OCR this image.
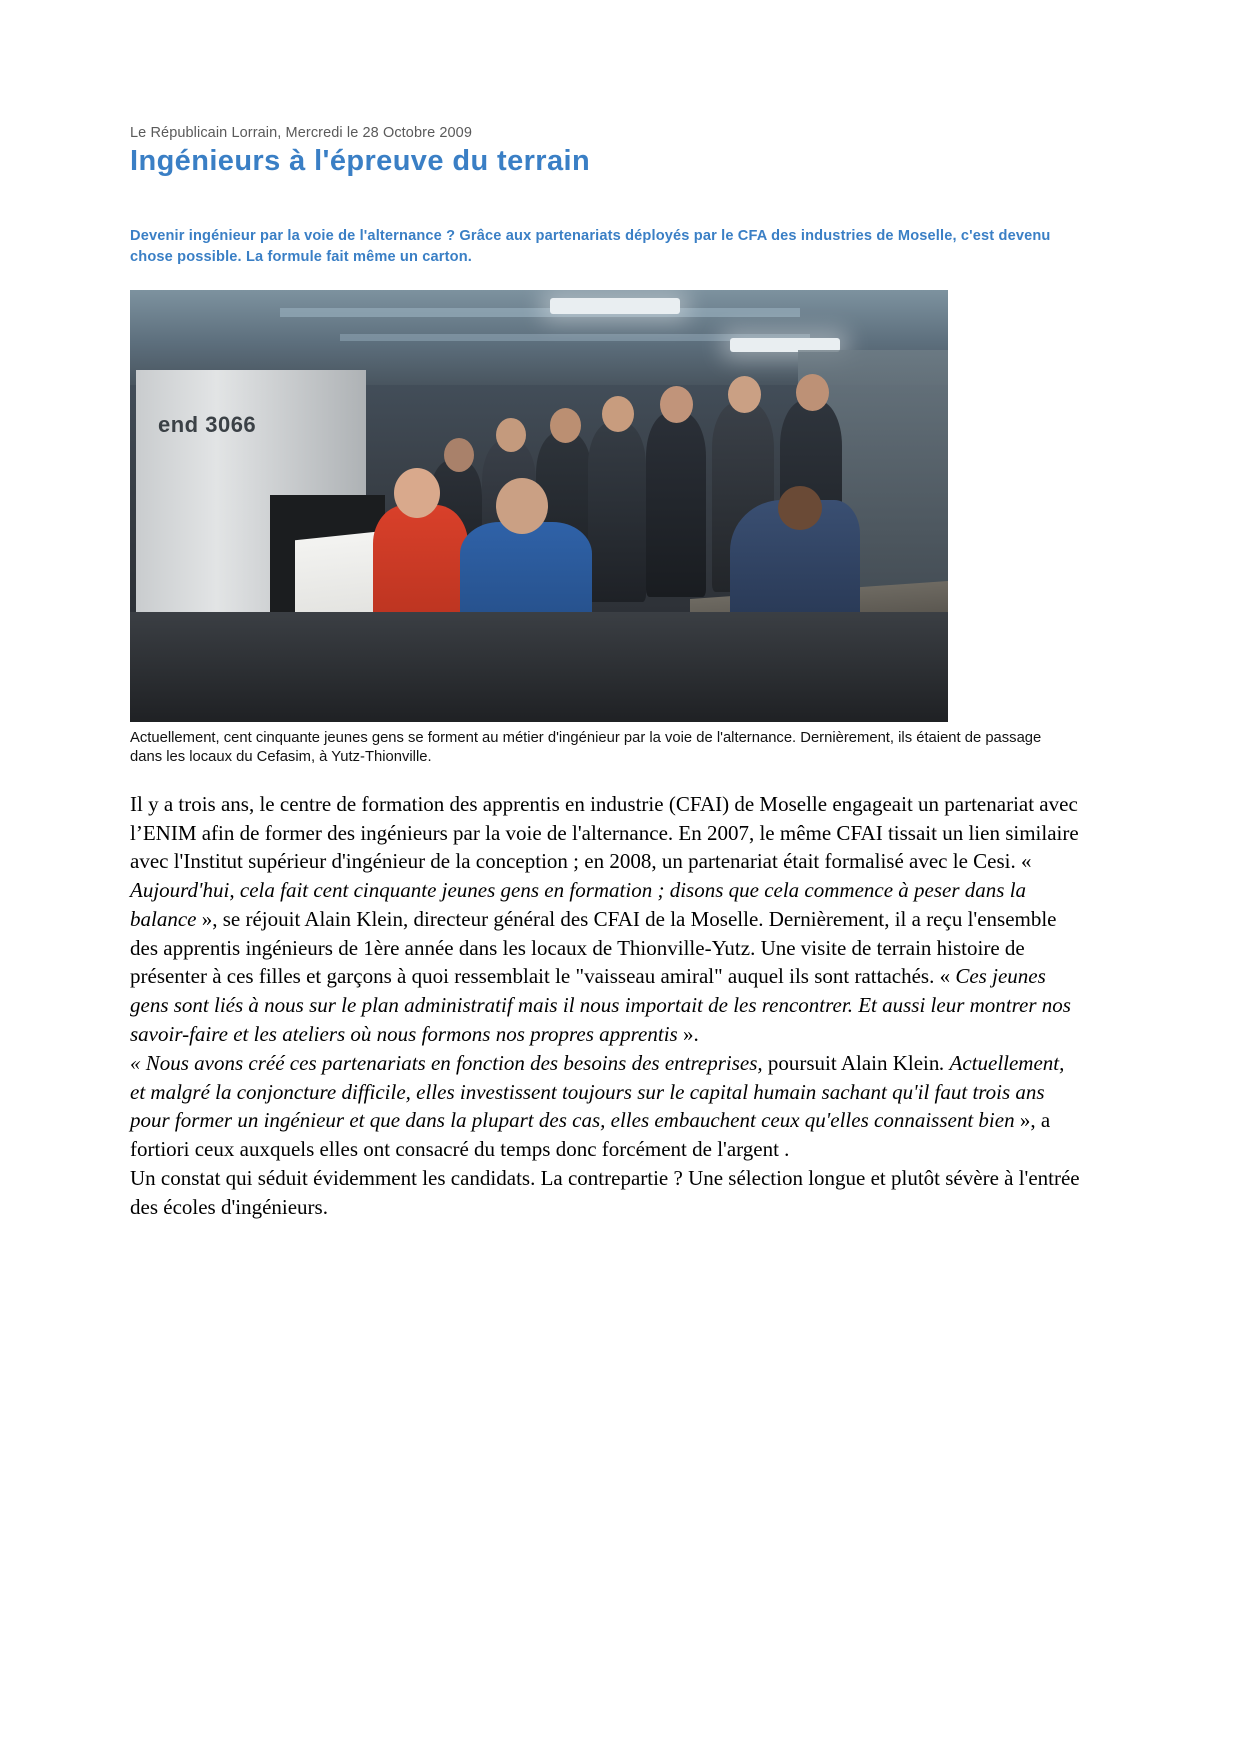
Le Républicain Lorrain, Mercredi le 28 Octobre 2009
Ingénieurs à l'épreuve du terrain
Devenir ingénieur par la voie de l'alternance ? Grâce aux partenariats déployés par le CFA des industries de Moselle, c'est devenu chose possible. La formule fait même un carton.
end 3066
Actuellement, cent cinquante jeunes gens se forment au métier d'ingénieur par la voie de l'alternance. Dernièrement, ils étaient de passage dans les locaux du Cefasim, à Yutz-Thionville.

Il y a trois ans, le centre de formation des apprentis en industrie (CFAI) de Moselle engageait un partenariat avec l’ENIM afin de former des ingénieurs par la voie de l'alternance. En 2007, le même CFAI tissait un lien similaire avec l'Institut supérieur d'ingénieur de la conception ; en 2008, un partenariat était formalisé avec le Cesi. « Aujourd'hui, cela fait cent cinquante jeunes gens en formation ; disons que cela commence à peser dans la balance », se réjouit Alain Klein, directeur général des CFAI de la Moselle. Dernièrement, il a reçu l'ensemble des apprentis ingénieurs de 1ère année dans les locaux de Thionville-Yutz. Une visite de terrain histoire de présenter à ces filles et garçons à quoi ressemblait le "vaisseau amiral" auquel ils sont rattachés. « Ces jeunes gens sont liés à nous sur le plan administratif mais il nous importait de les rencontrer. Et aussi leur montrer nos savoir-faire et les ateliers où nous formons nos propres apprentis ».

« Nous avons créé ces partenariats en fonction des besoins des entreprises, poursuit Alain Klein. Actuellement, et malgré la conjoncture difficile, elles investissent toujours sur le capital humain sachant qu'il faut trois ans pour former un ingénieur et que dans la plupart des cas, elles embauchent ceux qu'elles connaissent bien », a fortiori ceux auxquels elles ont consacré du temps donc forcément de l'argent .

Un constat qui séduit évidemment les candidats. La contrepartie ? Une sélection longue et plutôt sévère à l'entrée des écoles d'ingénieurs.
